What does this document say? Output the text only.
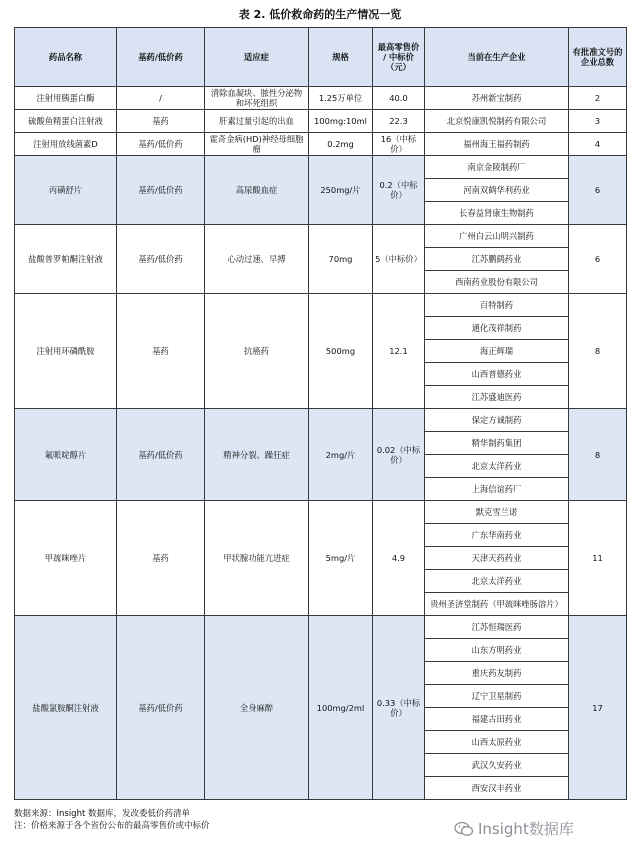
表 2. 低价救命药的生产情况一览
药品名称	基药/低价药	适应症	规格	最高零售价 / 中标价（元）	当前在生产企业	有批准文号的企业总数
注射用胰蛋白酶	/	清除血凝块、脓性分泌物和坏死组织	1.25万单位	40.0	苏州新宝制药	2
硫酸鱼精蛋白注射液	基药	肝素过量引起的出血	100mg:10ml	22.3	北京悦康凯悦制药有限公司	3
注射用放线菌素D	基药/低价药	霍奇金病(HD)神经母细胞瘤	0.2mg	16（中标价）	福州海王福药制药	4
丙磺舒片	基药/低价药	高尿酸血症	250mg/片	0.2（中标价）	南京金陵制药厂	6
					河南双鹤华利药业	
					长春益肾康生物制药	
盐酸普罗帕酮注射液	基药/低价药	心动过速、早搏	70mg	5（中标价）	广州白云山明兴制药	6
					江苏鹏鹞药业	
					西南药业股份有限公司	
注射用环磷酰胺	基药	抗癌药	500mg	12.1	百特制药	8
					通化茂祥制药	
					海正辉瑞	
					山西普德药业	
					江苏盛迪医药	
氟哌啶醇片	基药/低价药	精神分裂、躁狂症	2mg/片	0.02（中标价）	保定方诚制药	8
					精华制药集团	
					北京太洋药业	
					上海信谊药厂	
甲巯咪唑片	基药	甲状腺功能亢进症	5mg/片	4.9	默克雪兰诺	11
					广东华南药业	
					天津天药药业	
					北京太洋药业	
					贵州圣济堂制药（甲巯咪唑肠溶片）	
盐酸氯胺酮注射液	基药/低价药	全身麻醉	100mg/2ml	0.33（中标价）	江苏恒瑞医药	17
					山东方明药业	
					重庆药友制药	
					辽宁卫星制药	
					福建古田药业	
					山西太原药业	
					武汉久安药业	
					西安汉丰药业	
数据来源：Insight 数据库，发改委低价药清单
注：价格来源于各个省份公布的最高零售价或中标价	Insight数据库
